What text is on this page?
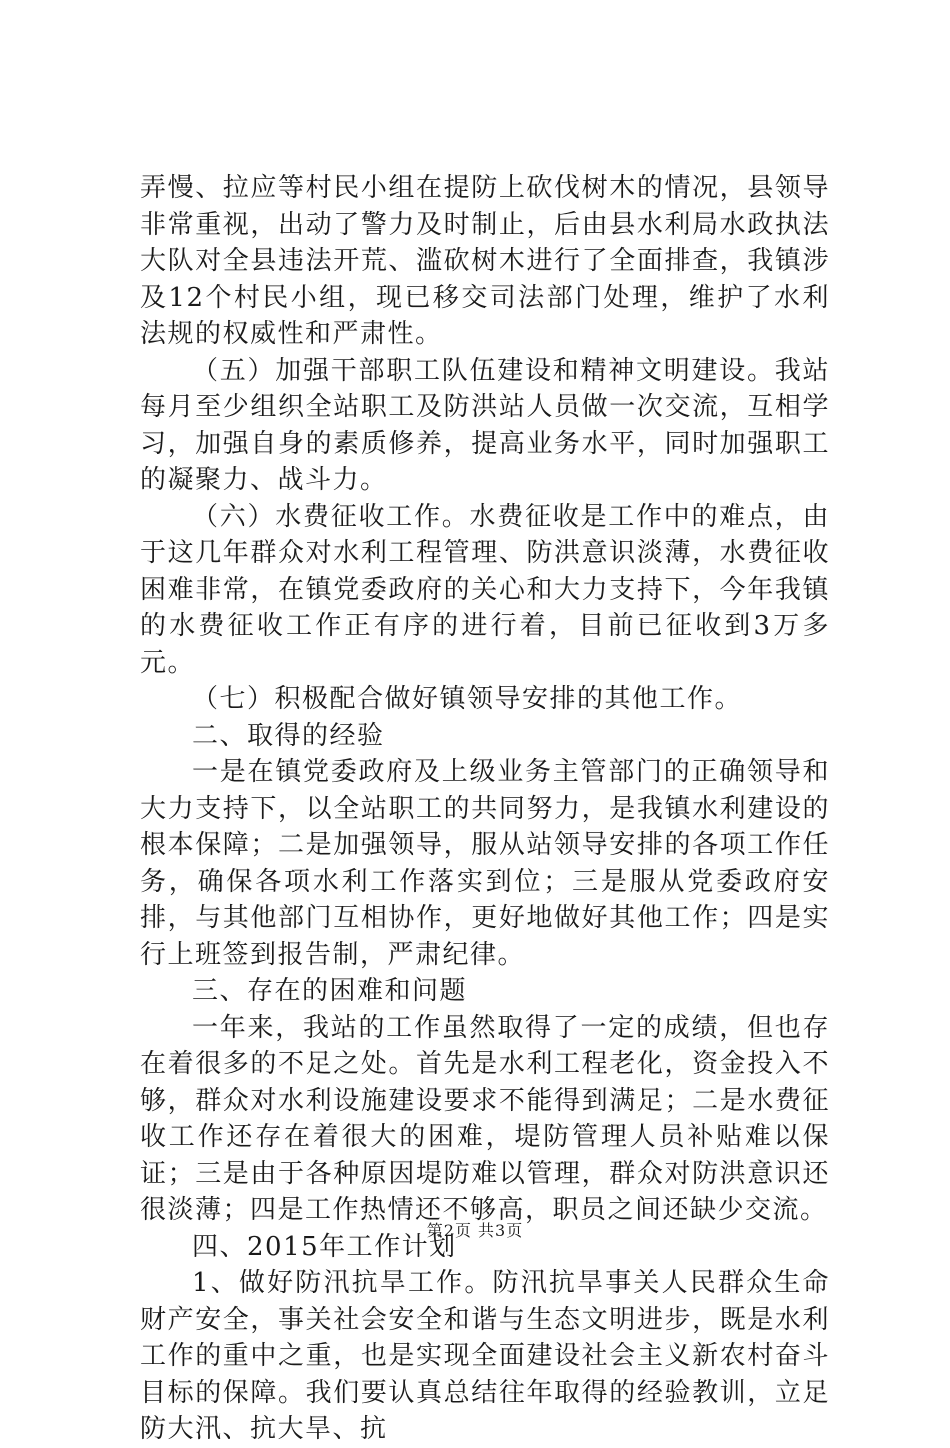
弄慢、拉应等村民小组在提防上砍伐树木的情况，县领导非常重视，出动了警力及时制止，后由县水利局水政执法大队对全县违法开荒、滥砍树木进行了全面排查，我镇涉及12个村民小组，现已移交司法部门处理，维护了水利法规的权威性和严肃性。

（五）加强干部职工队伍建设和精神文明建设。我站每月至少组织全站职工及防洪站人员做一次交流，互相学习，加强自身的素质修养，提高业务水平，同时加强职工的凝聚力、战斗力。

（六）水费征收工作。水费征收是工作中的难点，由于这几年群众对水利工程管理、防洪意识淡薄，水费征收困难非常，在镇党委政府的关心和大力支持下，今年我镇的水费征收工作正有序的进行着，目前已征收到3万多元。

（七）积极配合做好镇领导安排的其他工作。

二、取得的经验

一是在镇党委政府及上级业务主管部门的正确领导和大力支持下，以全站职工的共同努力，是我镇水利建设的根本保障；二是加强领导，服从站领导安排的各项工作任务，确保各项水利工作落实到位；三是服从党委政府安排，与其他部门互相协作，更好地做好其他工作；四是实行上班签到报告制，严肃纪律。

三、存在的困难和问题

一年来，我站的工作虽然取得了一定的成绩，但也存在着很多的不足之处。首先是水利工程老化，资金投入不够，群众对水利设施建设要求不能得到满足；二是水费征收工作还存在着很大的困难，堤防管理人员补贴难以保证；三是由于各种原因堤防难以管理，群众对防洪意识还很淡薄；四是工作热情还不够高，职员之间还缺少交流。

四、2015年工作计划

1、做好防汛抗旱工作。防汛抗旱事关人民群众生命财产安全，事关社会安全和谐与生态文明进步，既是水利工作的重中之重，也是实现全面建设社会主义新农村奋斗目标的保障。我们要认真总结往年取得的经验教训，立足防大汛、抗大旱、抗

第2页 共3页
